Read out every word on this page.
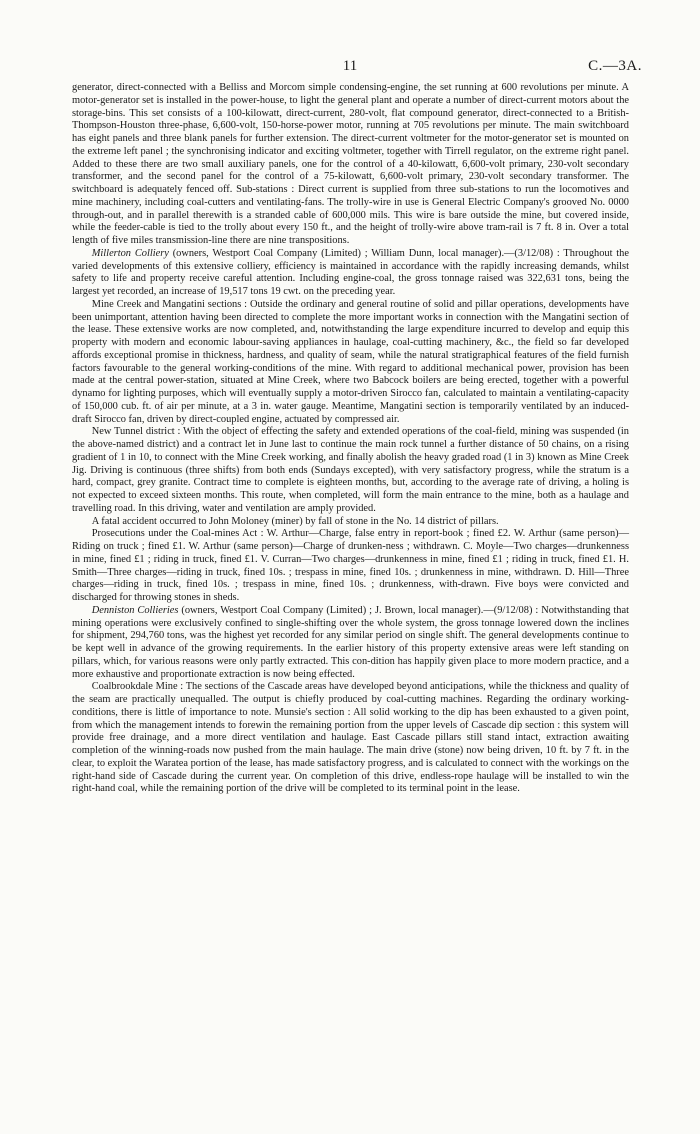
11	C.—3A.

generator, direct-connected with a Belliss and Morcom simple condensing-engine, the set running at 600 revolutions per minute. A motor-generator set is installed in the power-house, to light the general plant and operate a number of direct-current motors about the storage-bins. This set consists of a 100-kilowatt, direct-current, 280-volt, flat compound generator, direct-connected to a British-Thompson-Houston three-phase, 6,600-volt, 150-horse-power motor, running at 705 revolutions per minute. The main switchboard has eight panels and three blank panels for further extension. The direct-current voltmeter for the motor-generator set is mounted on the extreme left panel ; the synchronising indicator and exciting voltmeter, together with Tirrell regulator, on the extreme right panel. Added to these there are two small auxiliary panels, one for the control of a 40-kilowatt, 6,600-volt primary, 230-volt secondary transformer, and the second panel for the control of a 75-kilowatt, 6,600-volt primary, 230-volt secondary transformer. The switchboard is adequately fenced off. Sub-stations : Direct current is supplied from three sub-stations to run the locomotives and mine machinery, including coal-cutters and ventilating-fans. The trolly-wire in use is General Electric Company's grooved No. 0000 through-out, and in parallel therewith is a stranded cable of 600,000 mils. This wire is bare outside the mine, but covered inside, while the feeder-cable is tied to the trolly about every 150 ft., and the height of trolly-wire above tram-rail is 7 ft. 8 in. Over a total length of five miles transmission-line there are nine transpositions.

Millerton Colliery (owners, Westport Coal Company (Limited) ; William Dunn, local manager).—(3/12/08) : Throughout the varied developments of this extensive colliery, efficiency is maintained in accordance with the rapidly increasing demands, whilst safety to life and property receive careful attention. Including engine-coal, the gross tonnage raised was 322,631 tons, being the largest yet recorded, an increase of 19,517 tons 19 cwt. on the preceding year.

Mine Creek and Mangatini sections : Outside the ordinary and general routine of solid and pillar operations, developments have been unimportant, attention having been directed to complete the more important works in connection with the Mangatini section of the lease. These extensive works are now completed, and, notwithstanding the large expenditure incurred to develop and equip this property with modern and economic labour-saving appliances in haulage, coal-cutting machinery, &c., the field so far developed affords exceptional promise in thickness, hardness, and quality of seam, while the natural stratigraphical features of the field furnish factors favourable to the general working-conditions of the mine. With regard to additional mechanical power, provision has been made at the central power-station, situated at Mine Creek, where two Babcock boilers are being erected, together with a powerful dynamo for lighting purposes, which will eventually supply a motor-driven Sirocco fan, calculated to maintain a ventilating-capacity of 150,000 cub. ft. of air per minute, at a 3 in. water gauge. Meantime, Mangatini section is temporarily ventilated by an induced-draft Sirocco fan, driven by direct-coupled engine, actuated by compressed air.

New Tunnel district : With the object of effecting the safety and extended operations of the coal-field, mining was suspended (in the above-named district) and a contract let in June last to continue the main rock tunnel a further distance of 50 chains, on a rising gradient of 1 in 10, to connect with the Mine Creek working, and finally abolish the heavy graded road (1 in 3) known as Mine Creek Jig. Driving is continuous (three shifts) from both ends (Sundays excepted), with very satisfactory progress, while the stratum is a hard, compact, grey granite. Contract time to complete is eighteen months, but, according to the average rate of driving, a holing is not expected to exceed sixteen months. This route, when completed, will form the main entrance to the mine, both as a haulage and travelling road. In this driving, water and ventilation are amply provided.

A fatal accident occurred to John Moloney (miner) by fall of stone in the No. 14 district of pillars.

Prosecutions under the Coal-mines Act : W. Arthur—Charge, false entry in report-book ; fined £2. W. Arthur (same person)—Riding on truck ; fined £1. W. Arthur (same person)—Charge of drunken-ness ; withdrawn. C. Moyle—Two charges—drunkenness in mine, fined £1 ; riding in truck, fined £1. V. Curran—Two charges—drunkenness in mine, fined £1 ; riding in truck, fined £1. H. Smith—Three charges—riding in truck, fined 10s. ; trespass in mine, fined 10s. ; drunkenness in mine, withdrawn. D. Hill—Three charges—riding in truck, fined 10s. ; trespass in mine, fined 10s. ; drunkenness, with-drawn. Five boys were convicted and discharged for throwing stones in sheds.

Denniston Collieries (owners, Westport Coal Company (Limited) ; J. Brown, local manager).—(9/12/08) : Notwithstanding that mining operations were exclusively confined to single-shifting over the whole system, the gross tonnage lowered down the inclines for shipment, 294,760 tons, was the highest yet recorded for any similar period on single shift. The general developments continue to be kept well in advance of the growing requirements. In the earlier history of this property extensive areas were left standing on pillars, which, for various reasons were only partly extracted. This con-dition has happily given place to more modern practice, and a more exhaustive and proportionate extraction is now being effected.

Coalbrookdale Mine : The sections of the Cascade areas have developed beyond anticipations, while the thickness and quality of the seam are practically unequalled. The output is chiefly produced by coal-cutting machines. Regarding the ordinary working-conditions, there is little of importance to note. Munsie's section : All solid working to the dip has been exhausted to a given point, from which the management intends to forewin the remaining portion from the upper levels of Cascade dip section : this system will provide free drainage, and a more direct ventilation and haulage. East Cascade pillars still stand intact, extraction awaiting completion of the winning-roads now pushed from the main haulage. The main drive (stone) now being driven, 10 ft. by 7 ft. in the clear, to exploit the Waratea portion of the lease, has made satisfactory progress, and is calculated to connect with the workings on the right-hand side of Cascade during the current year. On completion of this drive, endless-rope haulage will be installed to win the right-hand coal, while the remaining portion of the drive will be completed to its terminal point in the lease.
